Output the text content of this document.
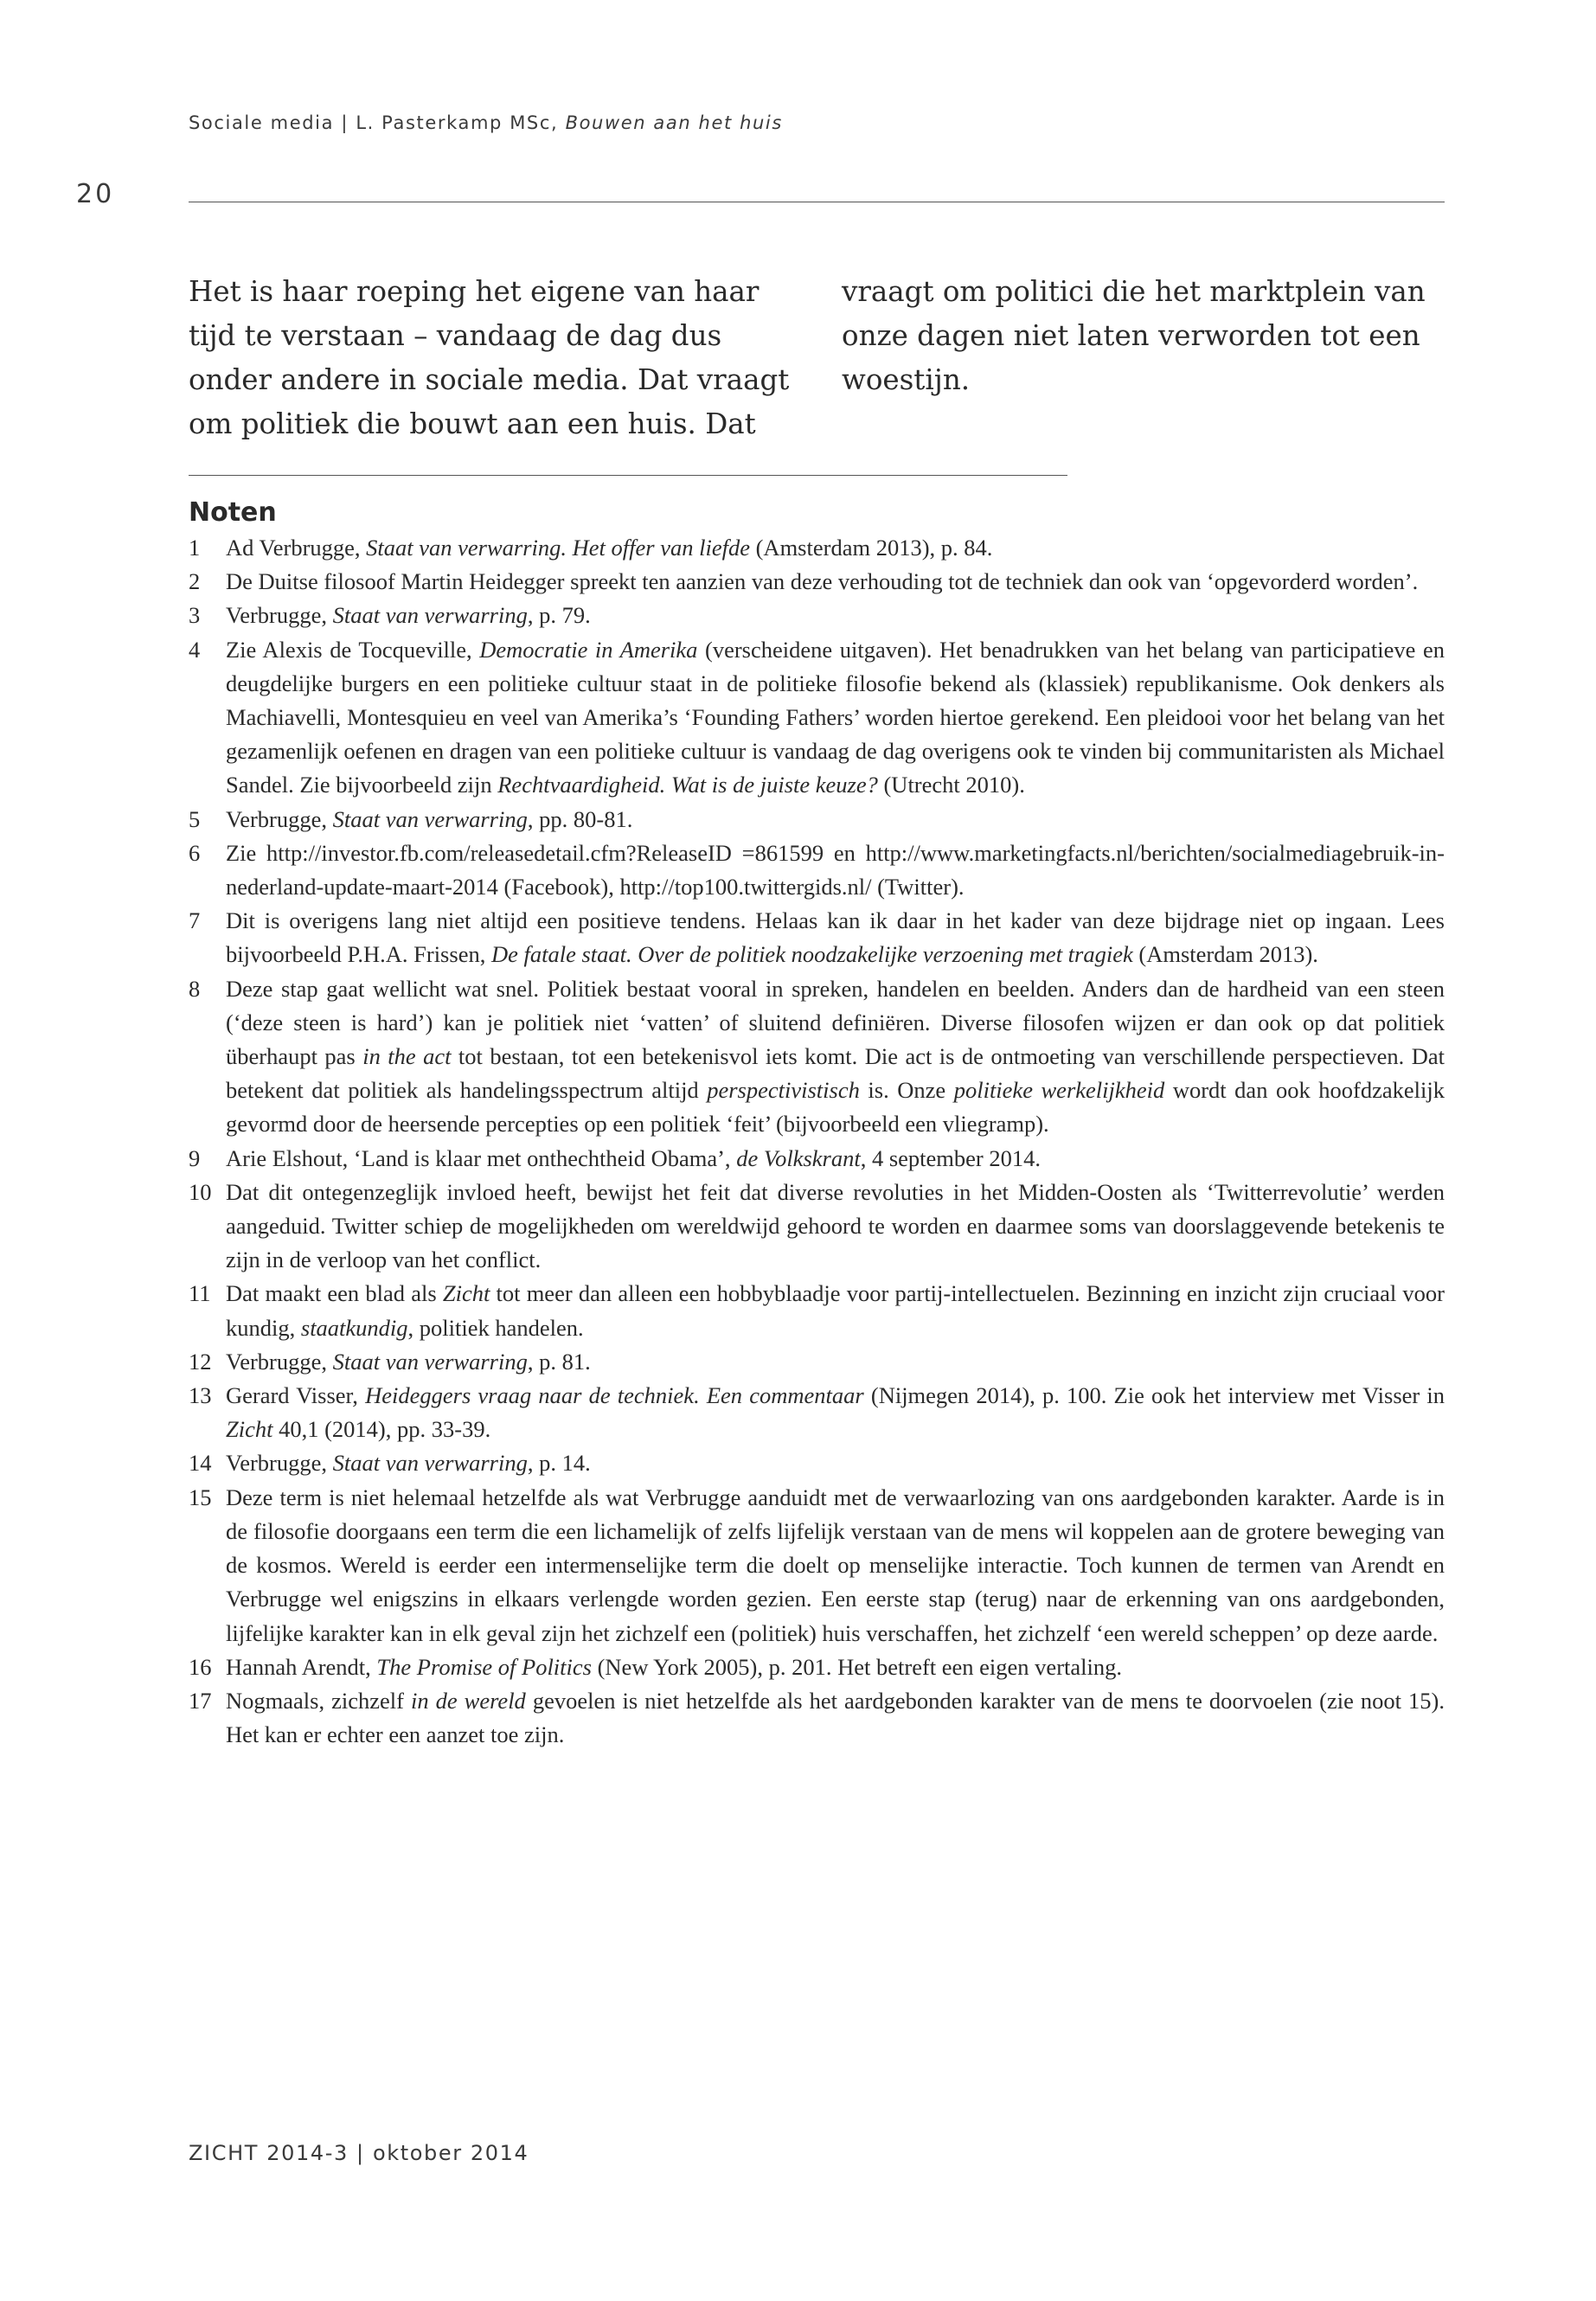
Sociale media | L. Pasterkamp MSc, Bouwen aan het huis
20

Het is haar roeping het eigene van haar tijd te verstaan – vandaag de dag dus onder andere in sociale media. Dat vraagt om politiek die bouwt aan een huis. Dat vraagt om politici die het marktplein van onze dagen niet laten verworden tot een woestijn.

Noten
1	Ad Verbrugge, Staat van verwarring. Het offer van liefde (Amsterdam 2013), p. 84.
2	De Duitse filosoof Martin Heidegger spreekt ten aanzien van deze verhouding tot de techniek dan ook van ‘opgevorderd worden’.
3	Verbrugge, Staat van verwarring, p. 79.
4	Zie Alexis de Tocqueville, Democratie in Amerika (verscheidene uitgaven). Het benadrukken van het belang van participatieve en deugdelijke burgers en een politieke cultuur staat in de politieke filosofie bekend als (klassiek) republikanisme. Ook denkers als Machiavelli, Montesquieu en veel van Amerika’s ‘Founding Fathers’ worden hiertoe gerekend. Een pleidooi voor het belang van het gezamenlijk oefenen en dragen van een politieke cultuur is vandaag de dag overigens ook te vinden bij communitaristen als Michael Sandel. Zie bijvoorbeeld zijn Rechtvaardigheid. Wat is de juiste keuze? (Utrecht 2010).
5	Verbrugge, Staat van verwarring, pp. 80-81.
6	Zie http://investor.fb.com/releasedetail.cfm?ReleaseID =861599 en http://www.marketingfacts.nl/berichten/socialmediagebruik-in-nederland-update-maart-2014 (Facebook), http://top100.twittergids.nl/ (Twitter).
7	Dit is overigens lang niet altijd een positieve tendens. Helaas kan ik daar in het kader van deze bijdrage niet op ingaan. Lees bijvoorbeeld P.H.A. Frissen, De fatale staat. Over de politiek noodzakelijke verzoening met tragiek (Amsterdam 2013).
8	Deze stap gaat wellicht wat snel. Politiek bestaat vooral in spreken, handelen en beelden. Anders dan de hardheid van een steen (‘deze steen is hard’) kan je politiek niet ‘vatten’ of sluitend definiëren. Diverse filosofen wijzen er dan ook op dat politiek überhaupt pas in the act tot bestaan, tot een betekenisvol iets komt. Die act is de ontmoeting van verschillende perspectieven. Dat betekent dat politiek als handelingsspectrum altijd perspectivistisch is. Onze politieke werkelijkheid wordt dan ook hoofdzakelijk gevormd door de heersende percepties op een politiek ‘feit’ (bijvoorbeeld een vliegramp).
9	Arie Elshout, ‘Land is klaar met onthechtheid Obama’, de Volkskrant, 4 september 2014.
10 Dat dit ontegenzeglijk invloed heeft, bewijst het feit dat diverse revoluties in het Midden-Oosten als ‘Twitterrevolutie’ werden aangeduid. Twitter schiep de mogelijkheden om wereldwijd gehoord te worden en daarmee soms van doorslaggevende betekenis te zijn in de verloop van het conflict.
11 Dat maakt een blad als Zicht tot meer dan alleen een hobbyblaadje voor partij-intellectuelen. Bezinning en inzicht zijn cruciaal voor kundig, staatkundig, politiek handelen.
12 Verbrugge, Staat van verwarring, p. 81.
13 Gerard Visser, Heideggers vraag naar de techniek. Een commentaar (Nijmegen 2014), p. 100. Zie ook het interview met Visser in Zicht 40,1 (2014), pp. 33-39.
14 Verbrugge, Staat van verwarring, p. 14.
15 Deze term is niet helemaal hetzelfde als wat Verbrugge aanduidt met de verwaarlozing van ons aardgebonden karakter. Aarde is in de filosofie doorgaans een term die een lichamelijk of zelfs lijfelijk verstaan van de mens wil koppelen aan de grotere beweging van de kosmos. Wereld is eerder een intermenselijke term die doelt op menselijke interactie. Toch kunnen de termen van Arendt en Verbrugge wel enigszins in elkaars verlengde worden gezien. Een eerste stap (terug) naar de erkenning van ons aardgebonden, lijfelijke karakter kan in elk geval zijn het zichzelf een (politiek) huis verschaffen, het zichzelf ‘een wereld scheppen’ op deze aarde.
16 Hannah Arendt, The Promise of Politics (New York 2005), p. 201. Het betreft een eigen vertaling.
17 Nogmaals, zichzelf in de wereld gevoelen is niet hetzelfde als het aardgebonden karakter van de mens te doorvoelen (zie noot 15). Het kan er echter een aanzet toe zijn.
ZICHT 2014-3 | oktober 2014
